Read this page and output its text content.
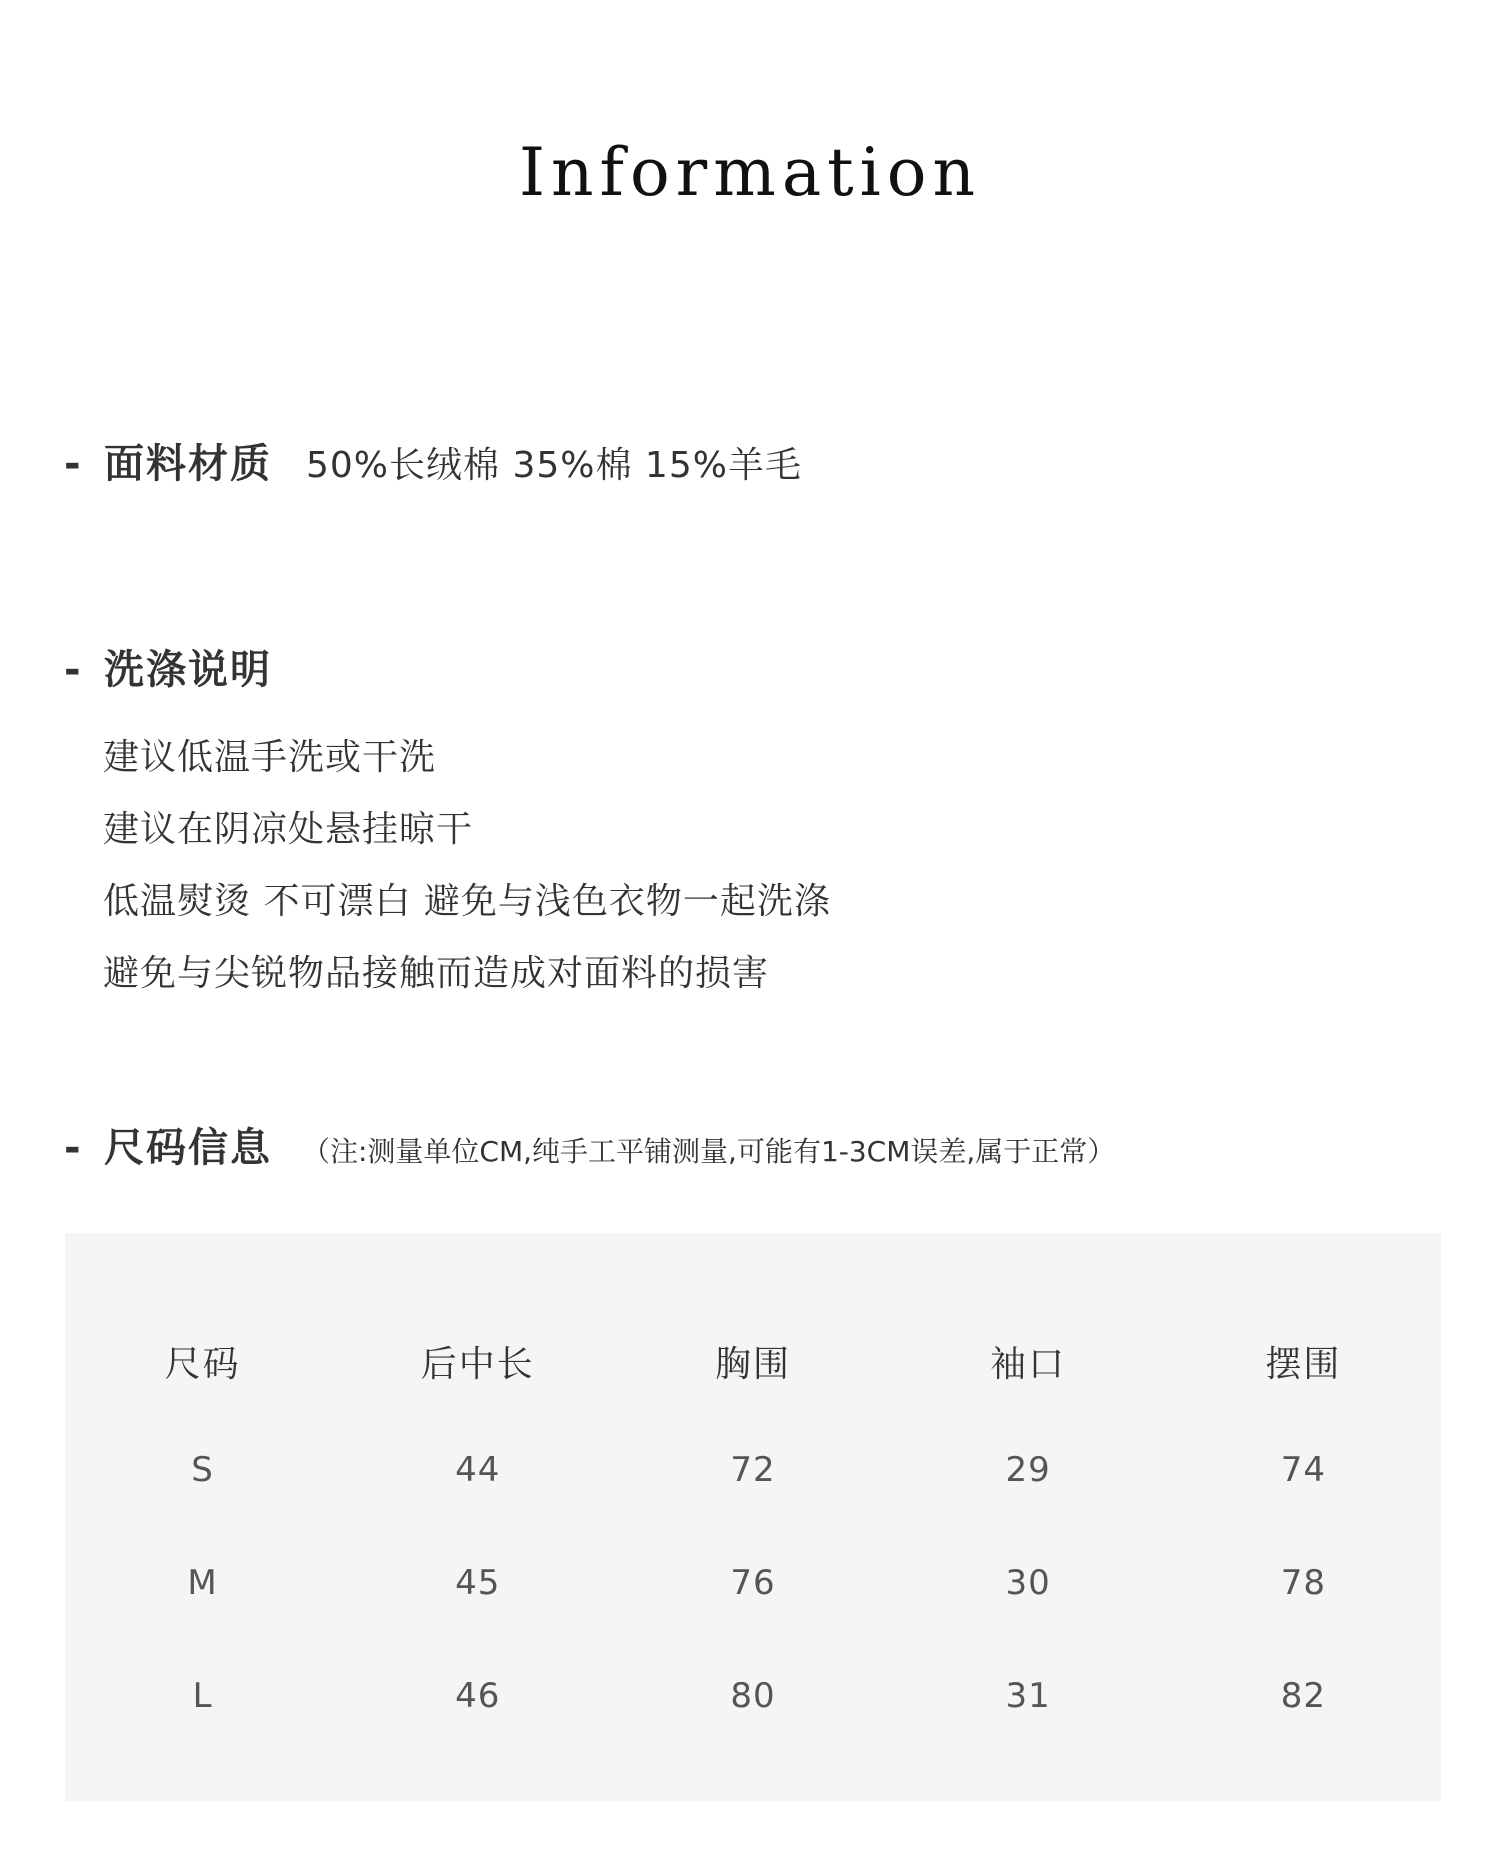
Information
- 面料材质 50%长绒棉 35%棉 15%羊毛
- 洗涤说明
建议低温手洗或干洗
建议在阴凉处悬挂晾干
低温熨烫 不可漂白 避免与浅色衣物一起洗涤
避免与尖锐物品接触而造成对面料的损害
- 尺码信息 （注:测量单位CM,纯手工平铺测量,可能有1-3CM误差,属于正常）
尺码	后中长	胸围	袖口	摆围
S	44	72	29	74
M	45	76	30	78
L	46	80	31	82
